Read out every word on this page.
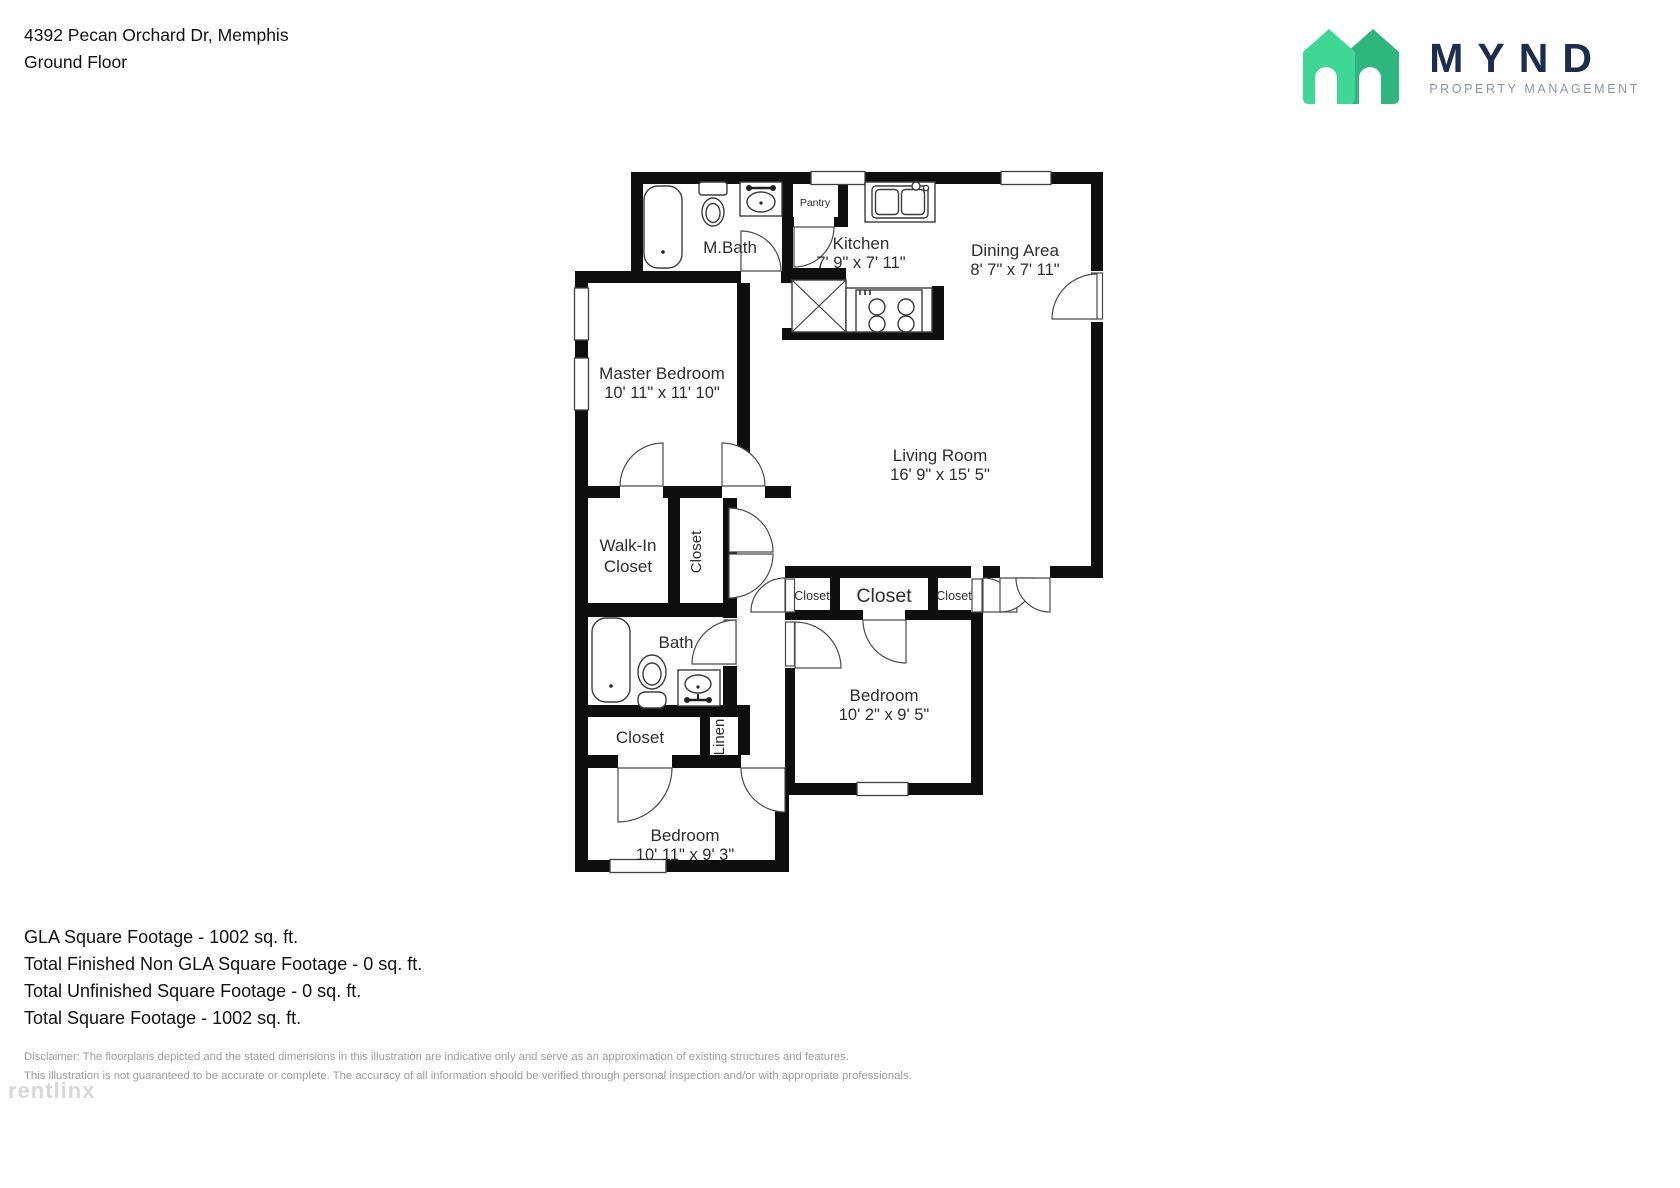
4392 Pecan Orchard Dr, Memphis
Ground Floor	MYND
PROPERTY MANAGEMENT
M.Bath
Pantry
Kitchen
7' 9" x 7' 11"
Dining Area
8' 7" x 7' 11"
Master Bedroom
10' 11" x 11' 10"
Living Room
16' 9" x 15' 5"
Walk-In
Closet Closet
Closet Closet Closet
Bath
Closet	Linen
Bedroom
10' 2" x 9' 5"
Bedroom
10' 11" x 9' 3"
GLA Square Footage - 1002 sq. ft.
Total Finished Non GLA Square Footage - 0 sq. ft.
Total Unfinished Square Footage - 0 sq. ft.
Total Square Footage - 1002 sq. ft.
Disclaimer: The floorplans depicted and the stated dimensions in this illustration are indicative only and serve as an approximation of existing structures and features.
This illustration is not guaranteed to be accurate or complete. The accuracy of all information should be verified through personal inspection and/or with appropriate professionals.
rentlinx
